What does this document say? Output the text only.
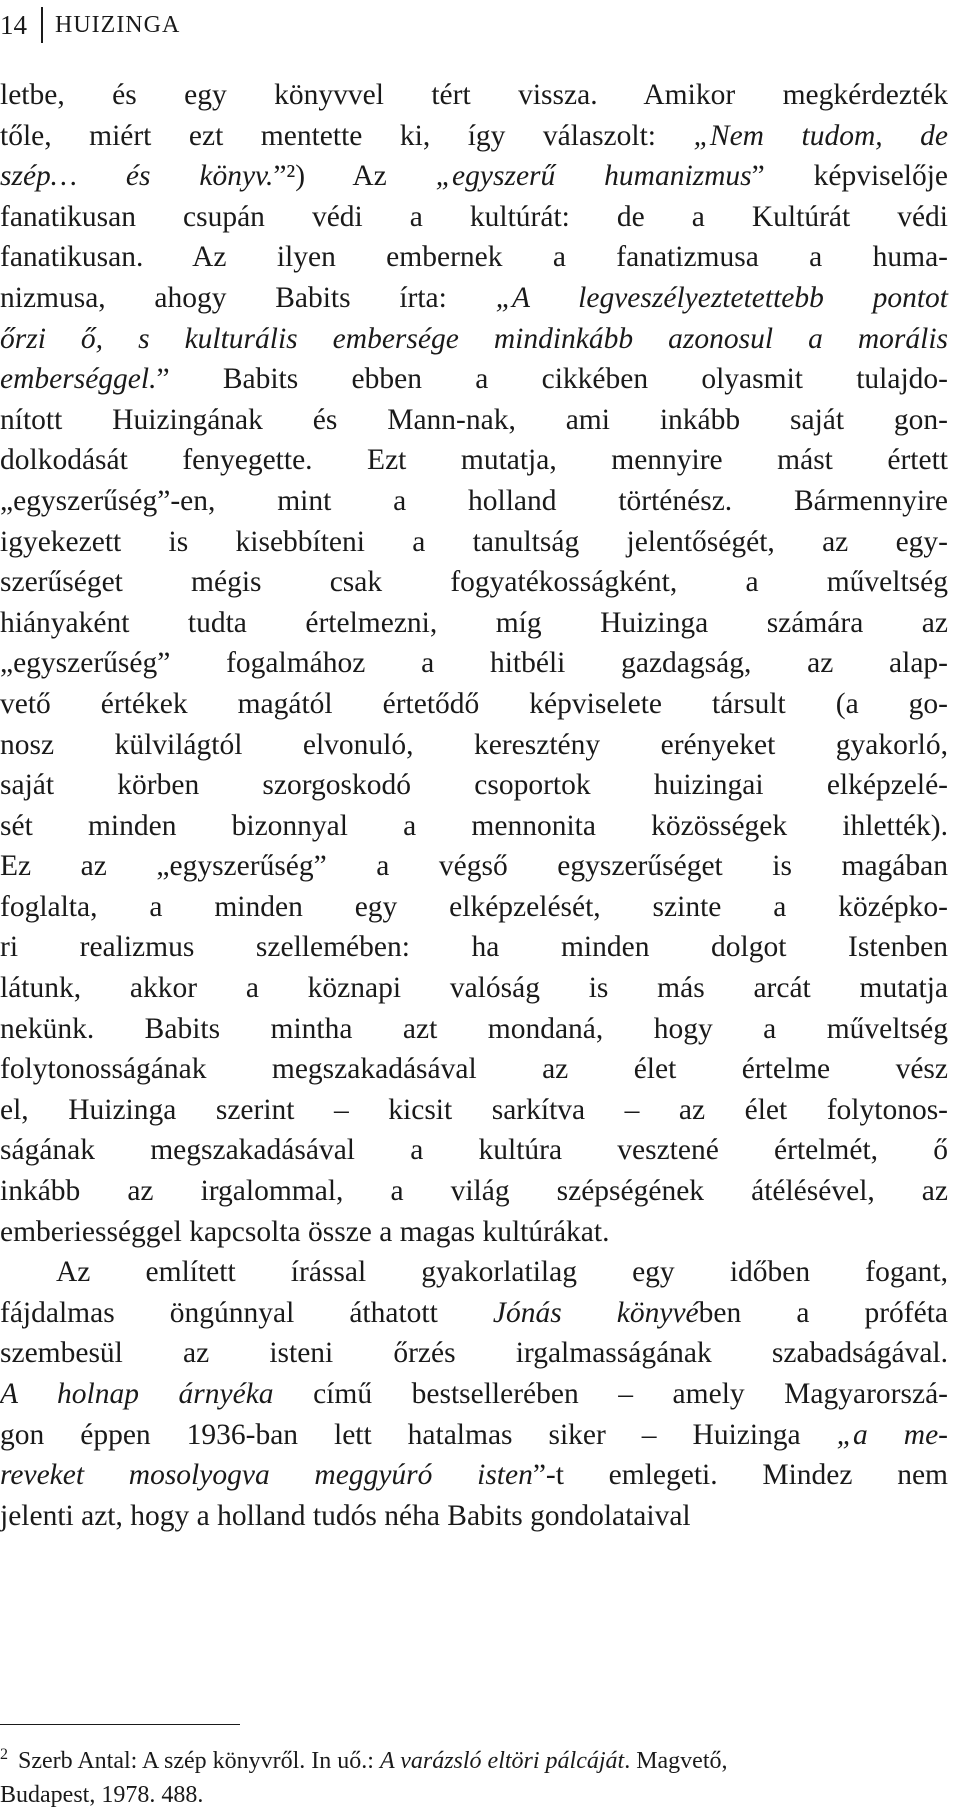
14 HUIZINGA
letbe, és egy könyvvel tért vissza. Amikor megkérdezték
tőle, miért ezt mentette ki, így válaszolt: „Nem tudom, de
szép… és könyv.”²) Az „egyszerű humanizmus” képviselője
fanatikusan csupán védi a kultúrát: de a Kultúrát védi
fanatikusan. Az ilyen embernek a fanatizmusa a huma-
nizmusa, ahogy Babits írta: „A legveszélyeztetettebb pontot
őrzi ő, s kulturális embersége mindinkább azonosul a morális
emberséggel.” Babits ebben a cikkében olyasmit tulajdo-
nított Huizingának és Mann-nak, ami inkább saját gon-
dolkodását fenyegette. Ezt mutatja, mennyire mást értett
„egyszerűség”-en, mint a holland történész. Bármennyire
igyekezett is kisebbíteni a tanultság jelentőségét, az egy-
szerűséget mégis csak fogyatékosságként, a műveltség
hiányaként tudta értelmezni, míg Huizinga számára az
„egyszerűség” fogalmához a hitbéli gazdagság, az alap-
vető értékek magától értetődő képviselete társult (a go-
nosz külvilágtól elvonuló, keresztény erényeket gyakorló,
saját körben szorgoskodó csoportok huizingai elképzelé-
sét minden bizonnyal a mennonita közösségek ihlették).
Ez az „egyszerűség” a végső egyszerűséget is magában
foglalta, a minden egy elképzelését, szinte a középko-
ri realizmus szellemében: ha minden dolgot Istenben
látunk, akkor a köznapi valóság is más arcát mutatja
nekünk. Babits mintha azt mondaná, hogy a műveltség
folytonosságának megszakadásával az élet értelme vész
el, Huizinga szerint – kicsit sarkítva – az élet folytonos-
ságának megszakadásával a kultúra vesztené értelmét, ő
inkább az irgalommal, a világ szépségének átélésével, az
emberiességgel kapcsolta össze a magas kultúrákat.
Az említett írással gyakorlatilag egy időben fogant,
fájdalmas öngúnnyal áthatott Jónás könyvében a próféta
szembesül az isteni őrzés irgalmasságának szabadságával.
A holnap árnyéka című bestsellerében – amely Magyarorszá-
gon éppen 1936-ban lett hatalmas siker – Huizinga „a me-
reveket mosolyogva meggyúró isten”-t emlegeti. Mindez nem
jelenti azt, hogy a holland tudós néha Babits gondolataival
$^2$ Szerb Antal: A szép könyvről. In uő.: A varázsló eltöri pálcáját. Magvető,
Budapest, 1978. 488.
